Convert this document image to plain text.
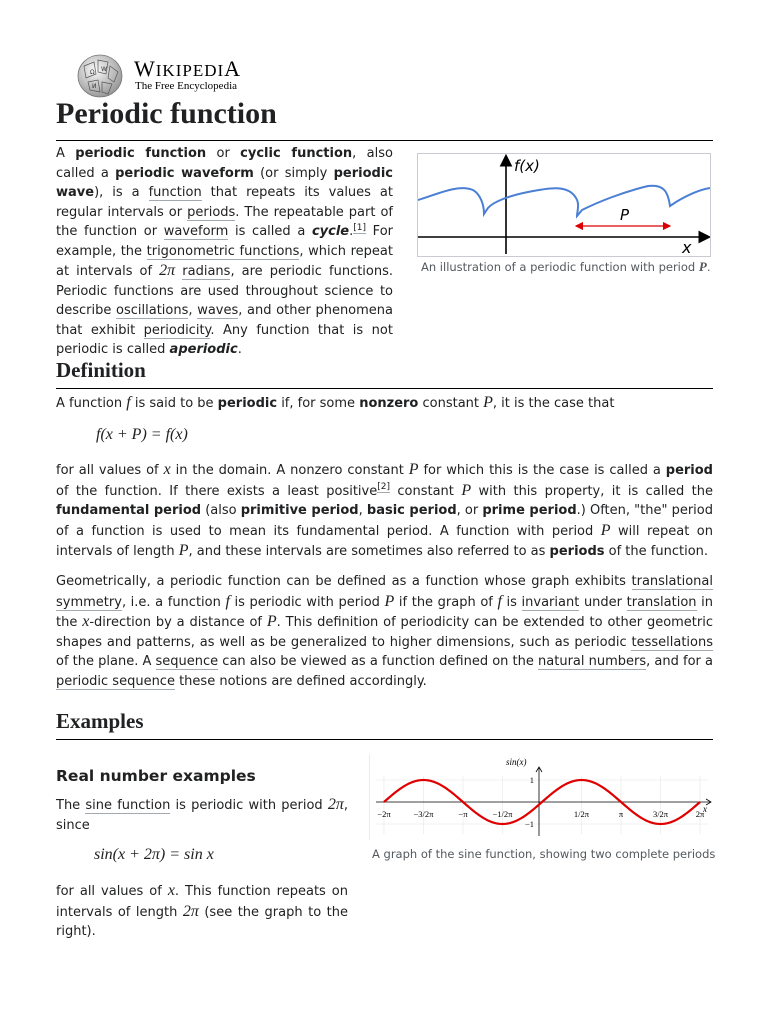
Ω W
И
WIKIPEDIA
The Free Encyclopedia
Periodic function

A periodic function or cyclic function, also called a periodic waveform (or simply periodic wave), is a function that repeats its values at regular intervals or periods. The repeatable part of the function or waveform is called a cycle.[1] For example, the trigonometric functions, which repeat at intervals of 2π radians, are periodic functions. Periodic functions are used throughout science to describe oscillations, waves, and other phenomena that exhibit periodicity. Any function that is not periodic is called aperiodic.

f(x)
P
x
An illustration of a periodic function with period P.
Definition

A function f is said to be periodic if, for some nonzero constant P, it is the case that

f(x + P) = f(x)

for all values of x in the domain. A nonzero constant P for which this is the case is called a period of the function. If there exists a least positive[2] constant P with this property, it is called the fundamental period (also primitive period, basic period, or prime period.) Often, "the" period of a function is used to mean its fundamental period. A function with period P will repeat on intervals of length P, and these intervals are sometimes also referred to as periods of the function.

Geometrically, a periodic function can be defined as a function whose graph exhibits translational symmetry, i.e. a function f is periodic with period P if the graph of f is invariant under translation in the x-direction by a distance of P. This definition of periodicity can be extended to other geometric shapes and patterns, as well as be generalized to higher dimensions, such as periodic tessellations of the plane. A sequence can also be viewed as a function defined on the natural numbers, and for a periodic sequence these notions are defined accordingly.

Examples
Real number examples

The sine function is periodic with period 2π, since

sin(x + 2π) = sin x

for all values of x. This function repeats on intervals of length 2π (see the graph to the right).

sin(x)
x
−2π	−3/2π	−π	−1/2π	1/2π	π	3/2π	2π
1
−1
A graph of the sine function, showing two complete periods
